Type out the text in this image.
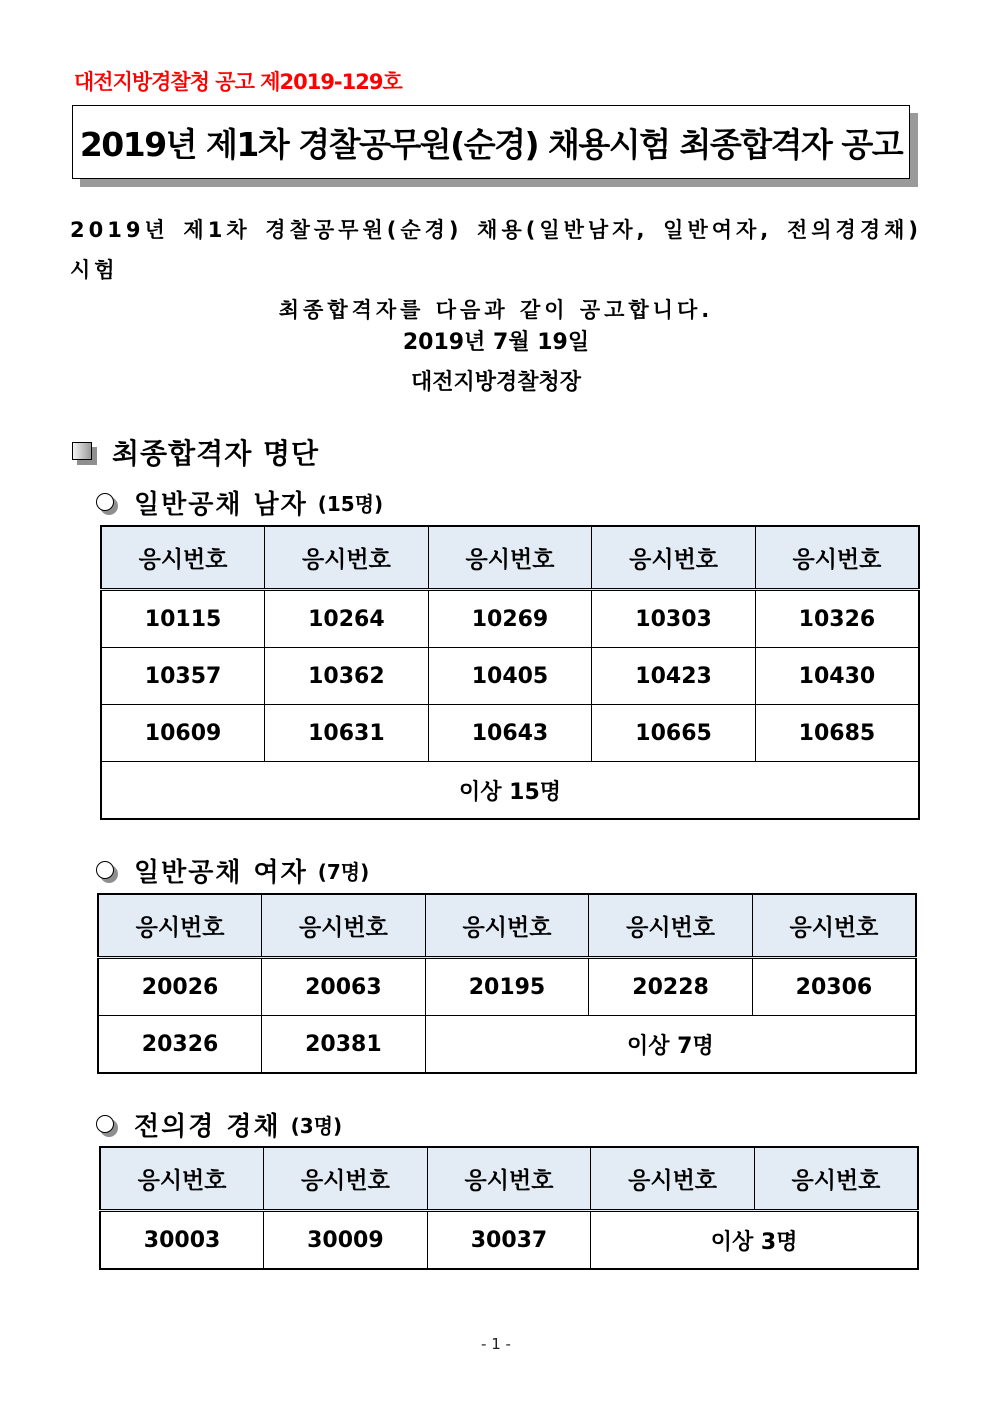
대전지방경찰청 공고 제2019-129호
2019년 제1차 경찰공무원(순경) 채용시험 최종합격자 공고
2019년 제1차 경찰공무원(순경) 채용(일반남자, 일반여자, 전의경경채) 시험
최종합격자를 다음과 같이 공고합니다.
2019년 7월 19일
대전지방경찰청장
최종합격자 명단
일반공채 남자 (15명)
응시번호	응시번호	응시번호	응시번호	응시번호
10115	10264	10269	10303	10326
10357	10362	10405	10423	10430
10609	10631	10643	10665	10685
이상 15명				
일반공채 여자 (7명)
응시번호	응시번호	응시번호	응시번호	응시번호
20026	20063	20195	20228	20306
20326	20381	이상 7명		
전의경 경채 (3명)
응시번호	응시번호	응시번호	응시번호	응시번호
30003	30009	30037	이상 3명	
- 1 -
